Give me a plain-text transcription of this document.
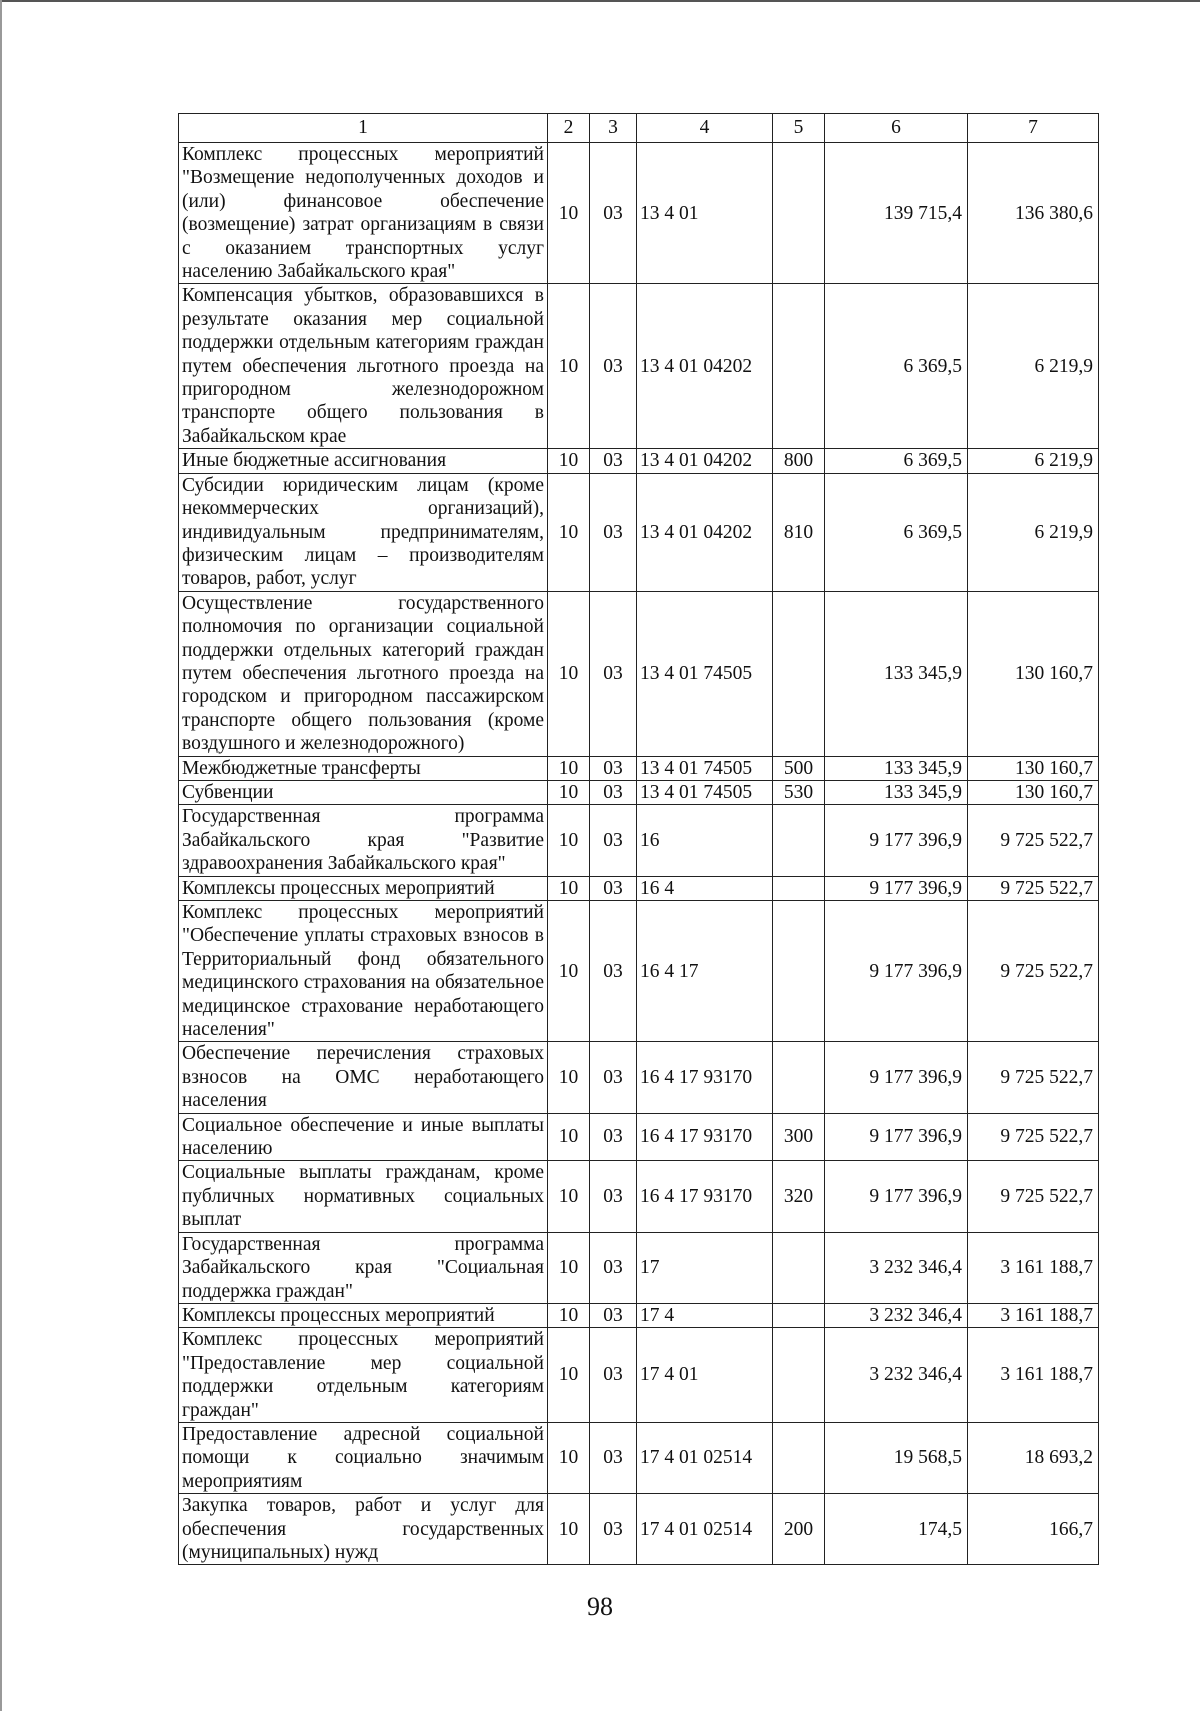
1	2	3	4	5	6	7
Комплекс процессных мероприятий "Возмещение недополученных доходов и (или) финансовое обеспечение (возмещение) затрат организациям в связи с оказанием транспортных услуг населению Забайкальского края"	10	03	13 4 01		139 715,4	136 380,6
Компенсация убытков, образовавшихся в результате оказания мер социальной поддержки отдельным категориям граждан путем обеспечения льготного проезда на пригородном железнодорожном транспорте общего пользования в Забайкальском крае	10	03	13 4 01 04202		6 369,5	6 219,9
Иные бюджетные ассигнования	10	03	13 4 01 04202	800	6 369,5	6 219,9
Субсидии юридическим лицам (кроме некоммерческих организаций), индивидуальным предпринимателям, физическим лицам – производителям товаров, работ, услуг	10	03	13 4 01 04202	810	6 369,5	6 219,9
Осуществление государственного полномочия по организации социальной поддержки отдельных категорий граждан путем обеспечения льготного проезда на городском и пригородном пассажирском транспорте общего пользования (кроме воздушного и железнодорожного)	10	03	13 4 01 74505		133 345,9	130 160,7
Межбюджетные трансферты	10	03	13 4 01 74505	500	133 345,9	130 160,7
Субвенции	10	03	13 4 01 74505	530	133 345,9	130 160,7
Государственная программа Забайкальского края "Развитие здравоохранения Забайкальского края"	10	03	16		9 177 396,9	9 725 522,7
Комплексы процессных мероприятий	10	03	16 4		9 177 396,9	9 725 522,7
Комплекс процессных мероприятий "Обеспечение уплаты страховых взносов в Территориальный фонд обязательного медицинского страхования на обязательное медицинское страхование неработающего населения"	10	03	16 4 17		9 177 396,9	9 725 522,7
Обеспечение перечисления страховых взносов на ОМС неработающего населения	10	03	16 4 17 93170		9 177 396,9	9 725 522,7
Социальное обеспечение и иные выплаты населению	10	03	16 4 17 93170	300	9 177 396,9	9 725 522,7
Социальные выплаты гражданам, кроме публичных нормативных социальных выплат	10	03	16 4 17 93170	320	9 177 396,9	9 725 522,7
Государственная программа Забайкальского края "Социальная поддержка граждан"	10	03	17		3 232 346,4	3 161 188,7
Комплексы процессных мероприятий	10	03	17 4		3 232 346,4	3 161 188,7
Комплекс процессных мероприятий "Предоставление мер социальной поддержки отдельным категориям граждан"	10	03	17 4 01		3 232 346,4	3 161 188,7
Предоставление адресной социальной помощи к социально значимым мероприятиям	10	03	17 4 01 02514		19 568,5	18 693,2
Закупка товаров, работ и услуг для обеспечения государственных (муниципальных) нужд	10	03	17 4 01 02514	200	174,5	166,7
98
